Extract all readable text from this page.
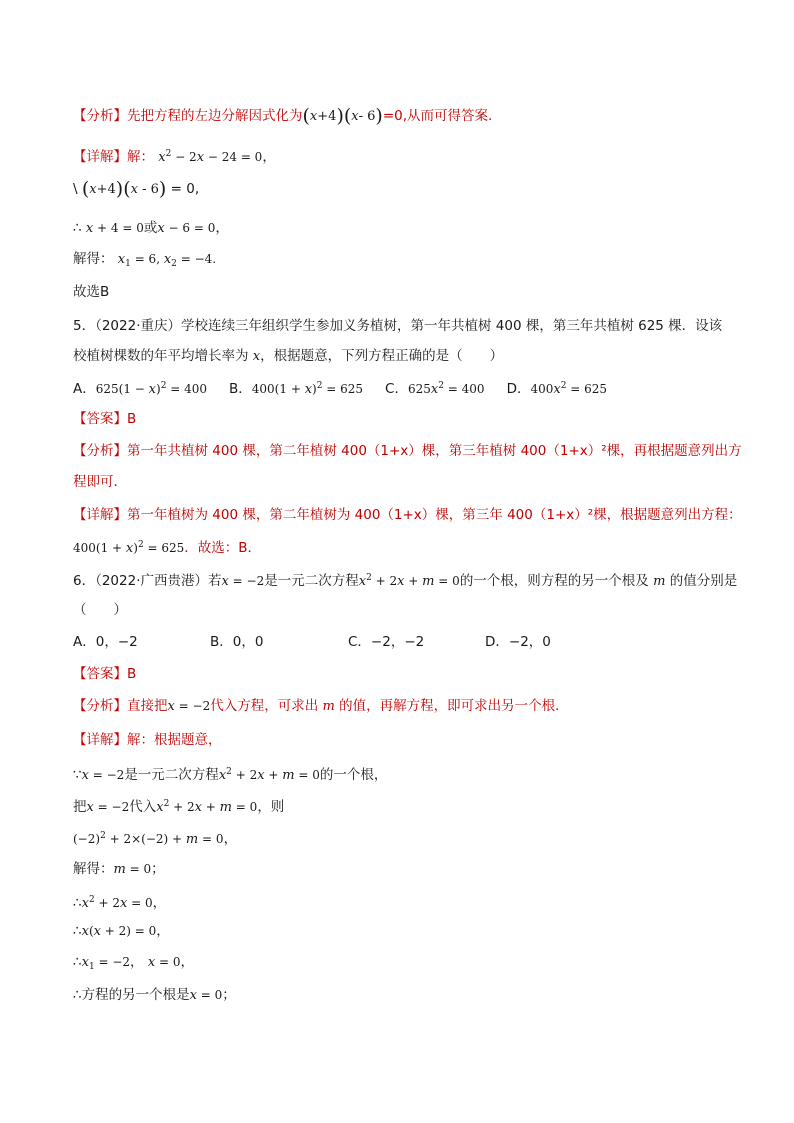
【分析】先把方程的左边分解因式化为(x+4)(x- 6)=0,从而可得答案.
【详解】解： $x^2 - 2x - 24 = 0$，
\ (x+4)(x - 6) = 0,
∴ x + 4 = 0或x − 6 = 0，
解得： $x_1 = 6$, $x_2 = -4$.
故选B
5．（2022·重庆）学校连续三年组织学生参加义务植树，第一年共植树 400 棵，第三年共植树 625 棵．设该
校植树棵数的年平均增长率为 x，根据题意，下列方程正确的是（　　）
A．$625(1 - x)^2 = 400$ B．$400(1 + x)^2 = 625$ C．$625x^2 = 400$ D．$400x^2 = 625$
【答案】B
【分析】第一年共植树 400 棵，第二年植树 400（1+x）棵，第三年植树 400（1+x）²棵，再根据题意列出方
程即可．
【详解】第一年植树为 400 棵，第二年植树为 400（1+x）棵，第三年 400（1+x）²棵，根据题意列出方程：
$400(1 + x)^2 = 625$．故选：B．
6．（2022·广西贵港）若x = −2是一元二次方程$x^2 + 2x + m = 0$的一个根，则方程的另一个根及 m 的值分别是
（　　）
A．0，−2	B．0，0	C．−2，−2	D．−2，0
【答案】B
【分析】直接把x = −2代入方程，可求出 m 的值，再解方程，即可求出另一个根．
【详解】解：根据题意，
∵x = −2是一元二次方程$x^2 + 2x + m = 0$的一个根，
把x = −2代入$x^2 + 2x + m = 0$，则
$(-2)^2 + 2\times(-2) + m = 0$，
解得：m = 0；
$\therefore x^2 + 2x = 0$，
∴x(x + 2) = 0，
$\therefore x_1 = -2$， x = 0，
∴方程的另一个根是x = 0；
